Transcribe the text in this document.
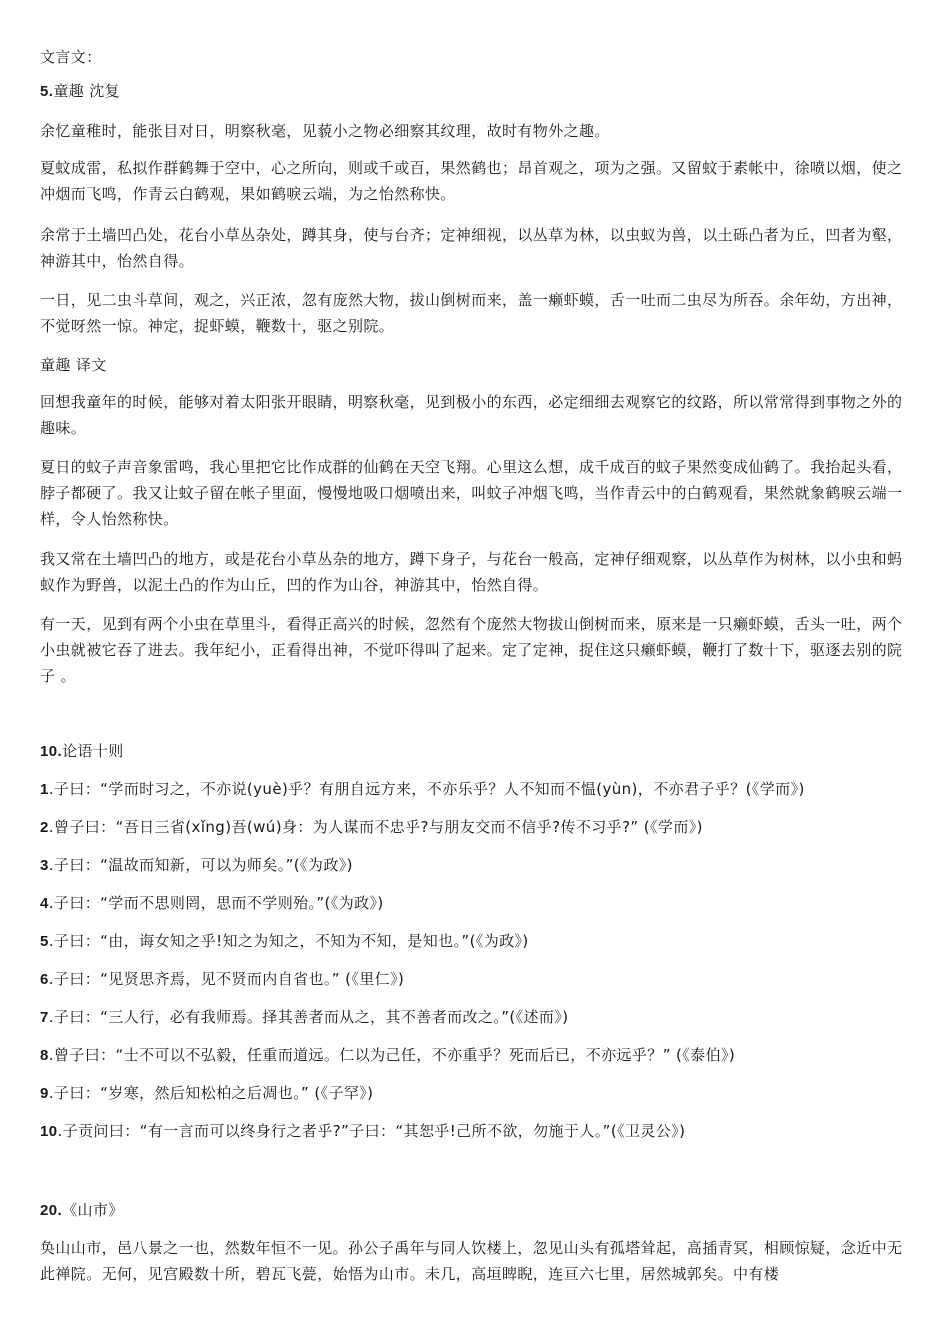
文言文：

5.童趣 沈复

余忆童稚时，能张目对日，明察秋毫，见藐小之物必细察其纹理，故时有物外之趣。

夏蚊成雷，私拟作群鹤舞于空中，心之所向，则或千或百，果然鹤也；昂首观之，项为之强。又留蚊于素帐中，徐喷以烟，使之冲烟而飞鸣，作青云白鹤观，果如鹤唳云端，为之怡然称快。

余常于土墙凹凸处，花台小草丛杂处，蹲其身，使与台齐；定神细视，以丛草为林，以虫蚁为兽，以土砾凸者为丘，凹者为壑，神游其中，怡然自得。

一日，见二虫斗草间，观之，兴正浓，忽有庞然大物，拔山倒树而来，盖一癞虾蟆，舌一吐而二虫尽为所吞。余年幼，方出神，不觉呀然一惊。神定，捉虾蟆，鞭数十，驱之别院。

童趣 译文

回想我童年的时候，能够对着太阳张开眼睛，明察秋毫，见到极小的东西，必定细细去观察它的纹路，所以常常得到事物之外的趣味。

夏日的蚊子声音象雷鸣，我心里把它比作成群的仙鹤在天空飞翔。心里这么想，成千成百的蚊子果然变成仙鹤了。我抬起头看，脖子都硬了。我又让蚊子留在帐子里面，慢慢地吸口烟喷出来，叫蚊子冲烟飞鸣，当作青云中的白鹤观看，果然就象鹤唳云端一样，令人怡然称快。

我又常在土墙凹凸的地方，或是花台小草丛杂的地方，蹲下身子，与花台一般高，定神仔细观察，以丛草作为树林，以小虫和蚂蚁作为野兽，以泥土凸的作为山丘，凹的作为山谷，神游其中，怡然自得。

有一天，见到有两个小虫在草里斗，看得正高兴的时候，忽然有个庞然大物拔山倒树而来，原来是一只癞虾蟆，舌头一吐，两个小虫就被它吞了进去。我年纪小，正看得出神，不觉吓得叫了起来。定了定神，捉住这只癞虾蟆，鞭打了数十下，驱逐去别的院子 。

10.论语十则

1.子曰：“学而时习之，不亦说(yuè)乎？有朋自远方来，不亦乐乎？人不知而不愠(yùn)，不亦君子乎？(《学而》)

2.曾子曰：“吾日三省(xǐng)吾(wú)身：为人谋而不忠乎?与朋友交而不信乎?传不习乎?” (《学而》)

3.子曰：“温故而知新，可以为师矣。”(《为政》)

4.子曰：“学而不思则罔，思而不学则殆。”(《为政》)

5.子曰：“由，诲女知之乎!知之为知之，不知为不知，是知也。”(《为政》)

6.子曰：“见贤思齐焉，见不贤而内自省也。” (《里仁》)

7.子曰：“三人行，必有我师焉。择其善者而从之，其不善者而改之。”(《述而》)

8.曾子曰：“士不可以不弘毅，任重而道远。仁以为己任，不亦重乎？死而后已，不亦远乎？” (《泰伯》)

9.子曰：“岁寒，然后知松柏之后凋也。” (《子罕》)

10.子贡问曰：“有一言而可以终身行之者乎?”子曰：“其恕乎!己所不欲，勿施于人。”(《卫灵公》)

20.《山市》

奂山山市，邑八景之一也，然数年恒不一见。孙公子禹年与同人饮楼上，忽见山头有孤塔耸起，高插青冥，相顾惊疑，念近中无此禅院。无何，见宫殿数十所，碧瓦飞甍，始悟为山市。未几，高垣睥睨，连亘六七里，居然城郭矣。中有楼
